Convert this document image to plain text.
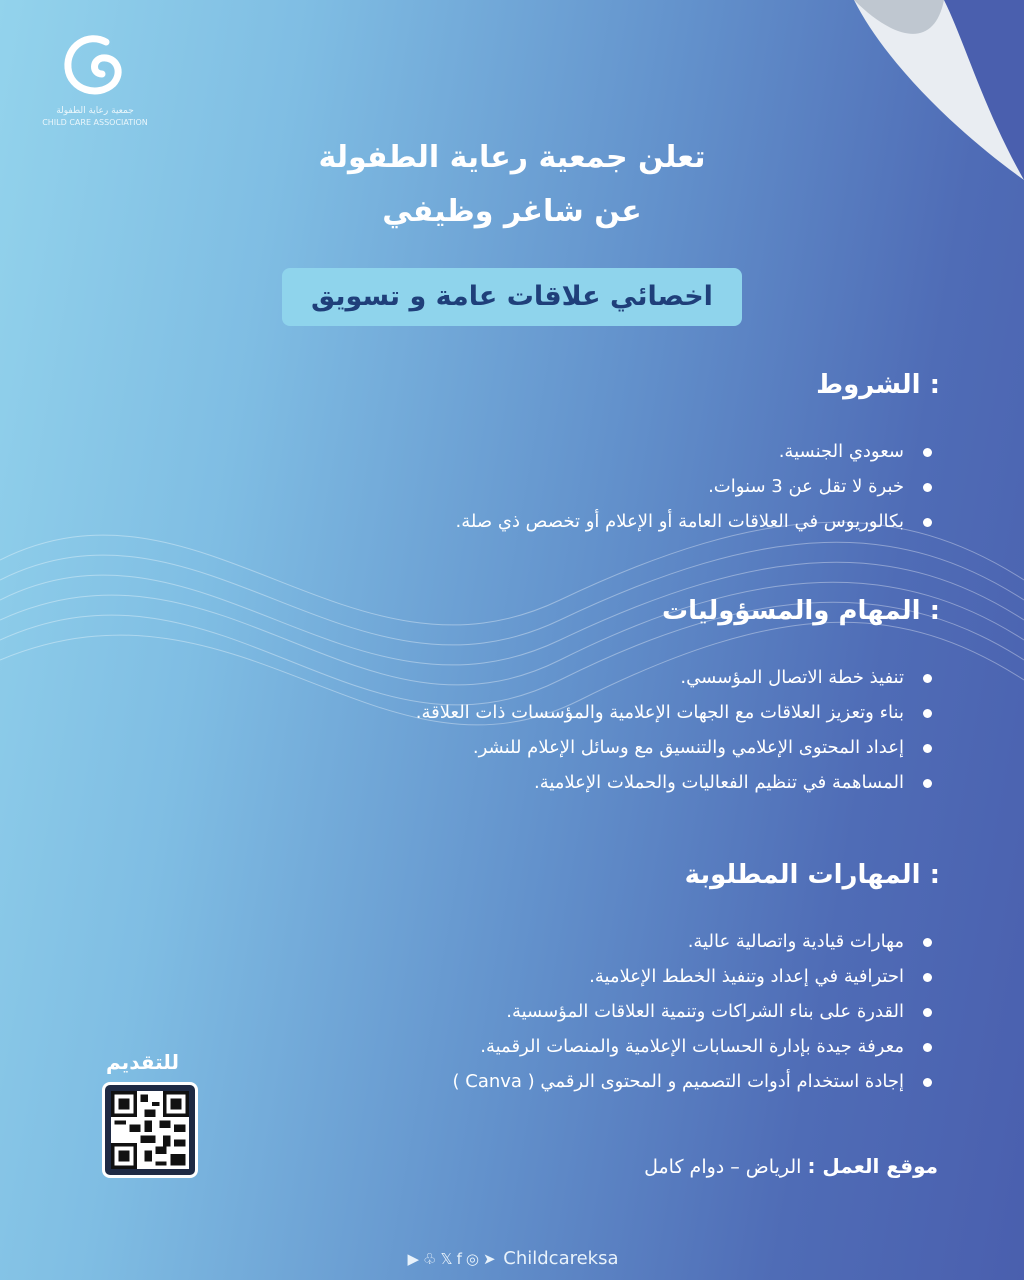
جمعية رعاية الطفولة
CHILD CARE ASSOCIATION
تعلن جمعية رعاية الطفولة
عن شاغر وظيفي
اخصائي علاقات عامة و تسويق
: الشروط
سعودي الجنسية.
خبرة لا تقل عن 3 سنوات.
بكالوريوس في العلاقات العامة أو الإعلام أو تخصص ذي صلة.
: المهام والمسؤوليات
تنفيذ خطة الاتصال المؤسسي.
بناء وتعزيز العلاقات مع الجهات الإعلامية والمؤسسات ذات العلاقة.
إعداد المحتوى الإعلامي والتنسيق مع وسائل الإعلام للنشر.
المساهمة في تنظيم الفعاليات والحملات الإعلامية.
: المهارات المطلوبة
مهارات قيادية واتصالية عالية.
احترافية في إعداد وتنفيذ الخطط الإعلامية.
القدرة على بناء الشراكات وتنمية العلاقات المؤسسية.
معرفة جيدة بإدارة الحسابات الإعلامية والمنصات الرقمية.
إجادة استخدام أدوات التصميم و المحتوى الرقمي ( Canva )
موقع العمل : الرياض – دوام كامل
للتقديم
▶ ♧ 𝕏 f ◎ ➤ Childcareksa
